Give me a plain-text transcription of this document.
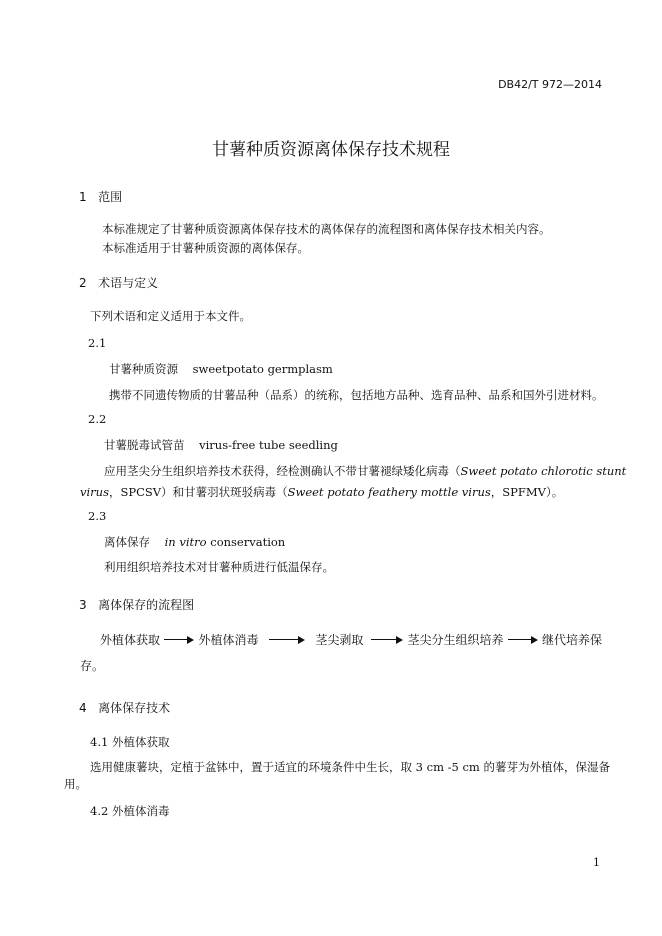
DB42/T 972—2014
甘薯种质资源离体保存技术规程
1 范围
本标准规定了甘薯种质资源离体保存技术的离体保存的流程图和离体保存技术相关内容。
本标准适用于甘薯种质资源的离体保存。
2 术语与定义
下列术语和定义适用于本文件。
2.1
甘薯种质资源 sweetpotato germplasm
携带不同遗传物质的甘薯品种（品系）的统称，包括地方品种、选育品种、品系和国外引进材料。
2.2
甘薯脱毒试管苗 virus-free tube seedling
应用茎尖分生组织培养技术获得，经检测确认不带甘薯褪绿矮化病毒（Sweet potato chlorotic stunt
virus，SPCSV）和甘薯羽状斑驳病毒（Sweet potato feathery mottle virus，SPFMV）。
2.3
离体保存 in vitro conservation
利用组织培养技术对甘薯种质进行低温保存。
3 离体保存的流程图
外植体获取	外植体消毒	茎尖剥取	茎尖分生组织培养	继代培养保
存。
4 离体保存技术
4.1 外植体获取
选用健康薯块，定植于盆钵中，置于适宜的环境条件中生长，取 3 cm -5 cm 的薯芽为外植体，保湿备
用。
4.2 外植体消毒
1
